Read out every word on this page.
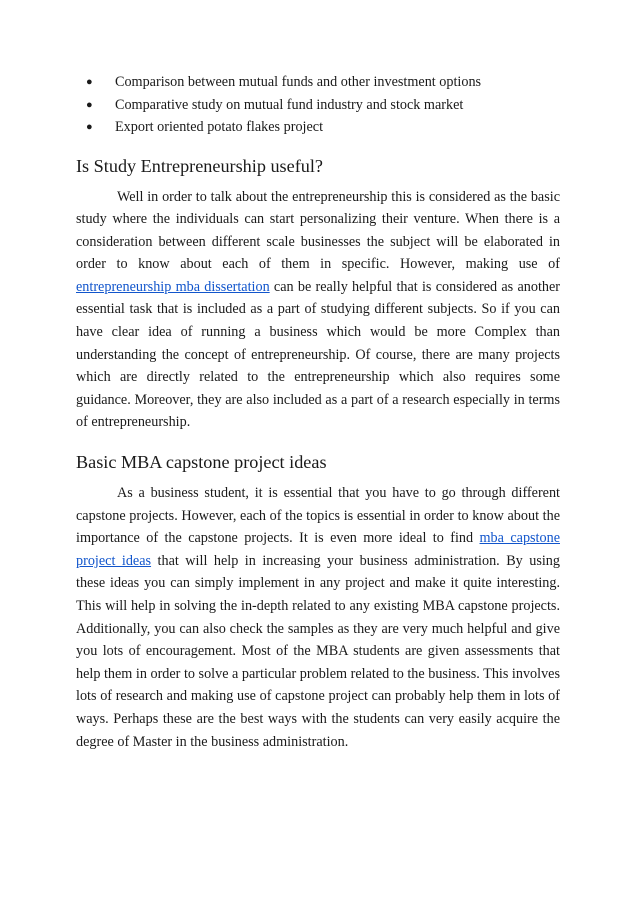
● Comparison between mutual funds and other investment options
● Comparative study on mutual fund industry and stock market
● Export oriented potato flakes project
Is Study Entrepreneurship useful?

Well in order to talk about the entrepreneurship this is considered as the basic study where the individuals can start personalizing their venture. When there is a consideration between different scale businesses the subject will be elaborated in order to know about each of them in specific. However, making use of entrepreneurship mba dissertation can be really helpful that is considered as another essential task that is included as a part of studying different subjects. So if you can have clear idea of running a business which would be more Complex than understanding the concept of entrepreneurship. Of course, there are many projects which are directly related to the entrepreneurship which also requires some guidance. Moreover, they are also included as a part of a research especially in terms of entrepreneurship.

Basic MBA capstone project ideas

As a business student, it is essential that you have to go through different capstone projects. However, each of the topics is essential in order to know about the importance of the capstone projects. It is even more ideal to find mba capstone project ideas that will help in increasing your business administration. By using these ideas you can simply implement in any project and make it quite interesting. This will help in solving the in-depth related to any existing MBA capstone projects. Additionally, you can also check the samples as they are very much helpful and give you lots of encouragement. Most of the MBA students are given assessments that help them in order to solve a particular problem related to the business. This involves lots of research and making use of capstone project can probably help them in lots of ways. Perhaps these are the best ways with the students can very easily acquire the degree of Master in the business administration.
